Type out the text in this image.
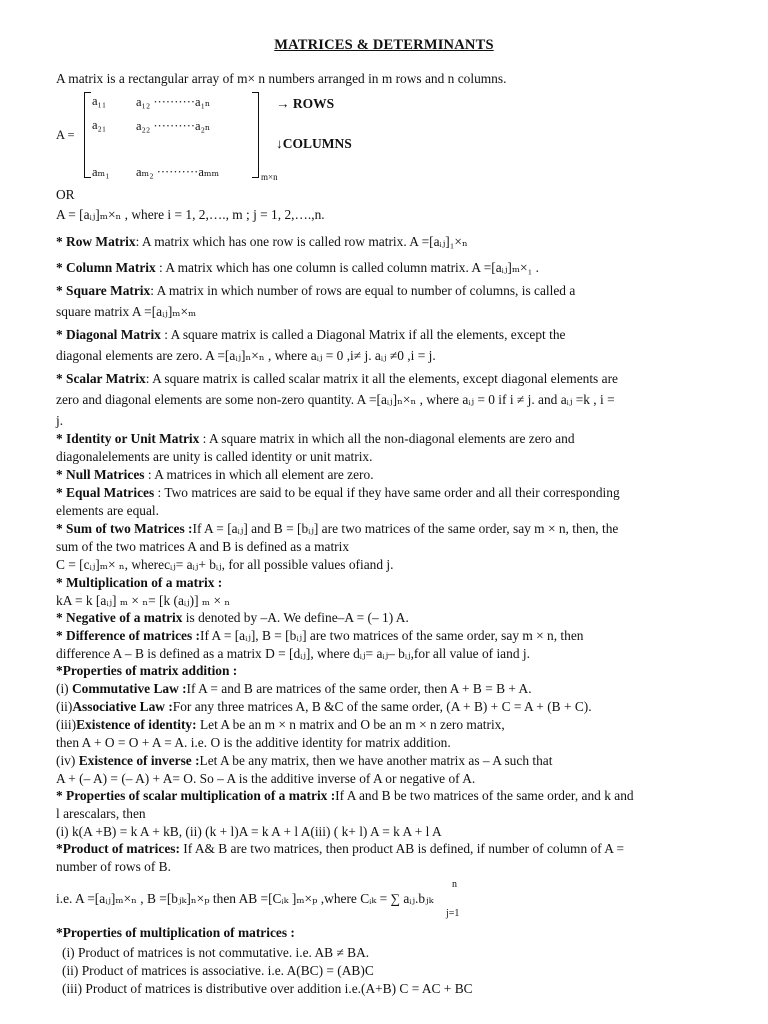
MATRICES & DETERMINANTS
A matrix is a rectangular array of m× n numbers arranged in m rows and n columns.
A =
a₁₁ a₁₂ ··········a₁ₙ
a₂₁ a₂₂ ··········a₂ₙ
aₘ₁ aₘ₂ ··········aₘₘ	m×n
→ ROWS
↓COLUMNS
OR
A = [aᵢⱼ]ₘ×ₙ , where i = 1, 2,…., m ; j = 1, 2,….,n.
* Row Matrix: A matrix which has one row is called row matrix. A =[aᵢⱼ]₁×ₙ
* Column Matrix : A matrix which has one column is called column matrix. A =[aᵢⱼ]ₘ×₁ .
* Square Matrix: A matrix in which number of rows are equal to number of columns, is called a
square matrix A =[aᵢⱼ]ₘ×ₘ
* Diagonal Matrix : A square matrix is called a Diagonal Matrix if all the elements, except the
diagonal elements are zero. A =[aᵢⱼ]ₙ×ₙ , where aᵢⱼ = 0 ,i≠ j. aᵢⱼ ≠0 ,i = j.
* Scalar Matrix: A square matrix is called scalar matrix it all the elements, except diagonal elements are
zero and diagonal elements are some non-zero quantity. A =[aᵢⱼ]ₙ×ₙ , where aᵢⱼ = 0 if i ≠ j. and aᵢⱼ =k , i =
j.
* Identity or Unit Matrix : A square matrix in which all the non-diagonal elements are zero and
diagonalelements are unity is called identity or unit matrix.
* Null Matrices : A matrices in which all element are zero.
* Equal Matrices : Two matrices are said to be equal if they have same order and all their corresponding
elements are equal.
* Sum of two Matrices :If A = [aᵢⱼ] and B = [bᵢⱼ] are two matrices of the same order, say m × n, then, the
sum of the two matrices A and B is defined as a matrix
C = [cᵢⱼ]ₘ× ₙ, wherecᵢⱼ= aᵢⱼ+ bᵢⱼ, for all possible values ofiand j.
* Multiplication of a matrix :
kA = k [aᵢⱼ] ₘ × ₙ= [k (aᵢⱼ)] ₘ × ₙ
* Negative of a matrix is denoted by –A. We define–A = (– 1) A.
* Difference of matrices :If A = [aᵢⱼ], B = [bᵢⱼ] are two matrices of the same order, say m × n, then
difference A – B is defined as a matrix D = [dᵢⱼ], where dᵢⱼ= aᵢⱼ– bᵢⱼ,for all value of iand j.
*Properties of matrix addition :
(i) Commutative Law :If A = and B are matrices of the same order, then A + B = B + A.
(ii)Associative Law :For any three matrices A, B &C of the same order, (A + B) + C = A + (B + C).
(iii)Existence of identity: Let A be an m × n matrix and O be an m × n zero matrix,
then A + O = O + A = A. i.e. O is the additive identity for matrix addition.
(iv) Existence of inverse :Let A be any matrix, then we have another matrix as – A such that
A + (– A) = (– A) + A= O. So – A is the additive inverse of A or negative of A.
* Properties of scalar multiplication of a matrix :If A and B be two matrices of the same order, and k and
l arescalars, then
(i) k(A +B) = k A + kB, (ii) (k + l)A = k A + l A(iii) ( k+ l) A = k A + l A
*Product of matrices: If A& B are two matrices, then product AB is defined, if number of column of A =
number of rows of B.
n
i.e. A =[aᵢⱼ]ₘ×ₙ , B =[bⱼₖ]ₙ×ₚ then AB =[Cᵢₖ ]ₘ×ₚ ,where Cᵢₖ = ∑ aᵢⱼ.bⱼₖ
j=1
*Properties of multiplication of matrices :
(i) Product of matrices is not commutative. i.e. AB ≠ BA.
(ii) Product of matrices is associative. i.e. A(BC) = (AB)C
(iii) Product of matrices is distributive over addition i.e.(A+B) C = AC + BC
